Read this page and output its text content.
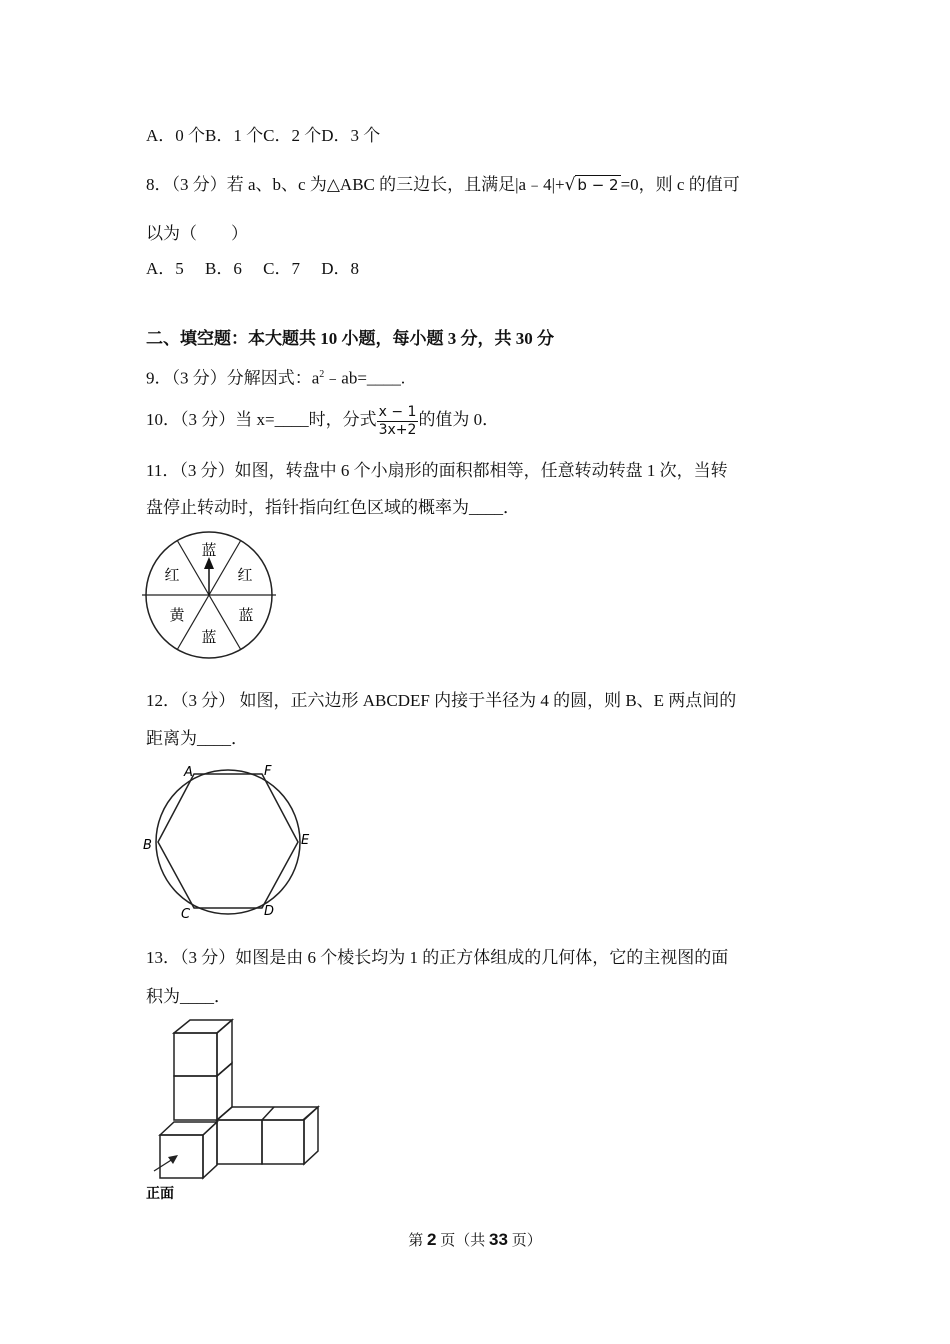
A．0 个B．1 个C．2 个D．3 个
8．（3 分）若 a、b、c 为△ABC 的三边长，且满足|a﹣4|+√ b − 2 =0，则 c 的值可
以为（　　）
A．5　 B．6　 C．7　 D．8
二、填空题：本大题共 10 小题，每小题 3 分，共 30 分
9．（3 分）分解因式：$a^2﹣ab=\_\_\_\_$.
10．（3 分）当 x=____时，分式 $\frac{x - 1}{3x+2}$ 的值为 0．
11．（3 分）如图，转盘中 6 个小扇形的面积都相等，任意转动转盘 1 次，当转
盘停止转动时，指针指向红色区域的概率为____．
蓝
红	红
黄	蓝
蓝
12．（3 分） 如图，正六边形 ABCDEF 内接于半径为 4 的圆，则 B、E 两点间的
距离为____．
A	F
B	E
C	D
13．（3 分）如图是由 6 个棱长均为 1 的正方体组成的几何体，它的主视图的面
积为____．
正面
第 2 页（共 33 页）
